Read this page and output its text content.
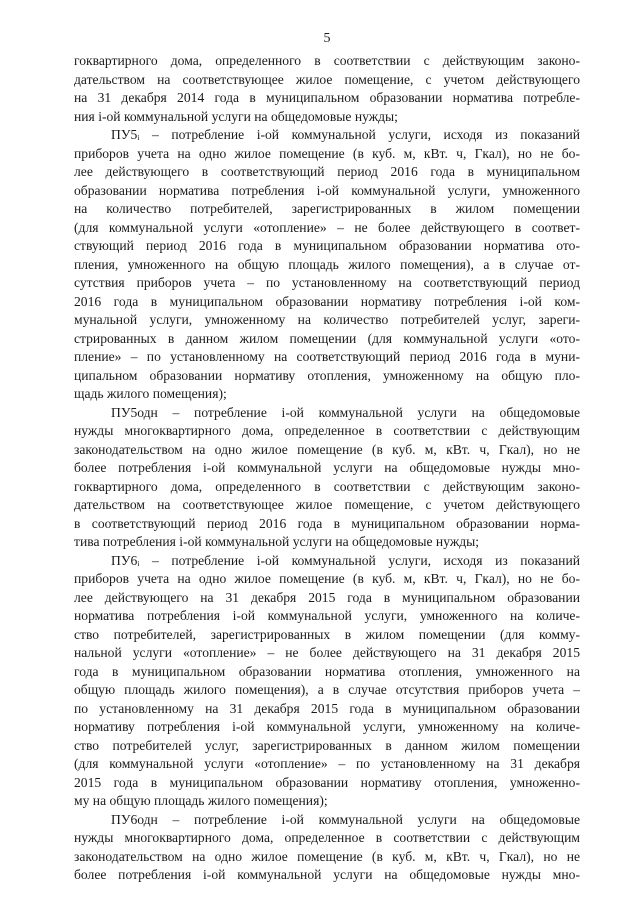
5
гоквартирного дома, определенного в соответствии с действующим законо-
дательством на соответствующее жилое помещение, с учетом действующего
на 31 декабря 2014 года в муниципальном образовании норматива потребле-
ния i-ой коммунальной услуги на общедомовые нужды;
ПУ5ᵢ – потребление i-ой коммунальной услуги, исходя из показаний
приборов учета на одно жилое помещение (в куб. м, кВт. ч, Гкал), но не бо-
лее действующего в соответствующий период 2016 года в муниципальном
образовании норматива потребления i-ой коммунальной услуги, умноженного
на количество потребителей, зарегистрированных в жилом помещении
(для коммунальной услуги «отопление» – не более действующего в соответ-
ствующий период 2016 года в муниципальном образовании норматива ото-
пления, умноженного на общую площадь жилого помещения), а в случае от-
сутствия приборов учета – по установленному на соответствующий период
2016 года в муниципальном образовании нормативу потребления i-ой ком-
мунальной услуги, умноженному на количество потребителей услуг, зареги-
стрированных в данном жилом помещении (для коммунальной услуги «ото-
пление» – по установленному на соответствующий период 2016 года в муни-
ципальном образовании нормативу отопления, умноженному на общую пло-
щадь жилого помещения);
ПУ5одн – потребление i-ой коммунальной услуги на общедомовые
нужды многоквартирного дома, определенное в соответствии с действующим
законодательством на одно жилое помещение (в куб. м, кВт. ч, Гкал), но не
более потребления i-ой коммунальной услуги на общедомовые нужды мно-
гоквартирного дома, определенного в соответствии с действующим законо-
дательством на соответствующее жилое помещение, с учетом действующего
в соответствующий период 2016 года в муниципальном образовании норма-
тива потребления i-ой коммунальной услуги на общедомовые нужды;
ПУ6ᵢ – потребление i-ой коммунальной услуги, исходя из показаний
приборов учета на одно жилое помещение (в куб. м, кВт. ч, Гкал), но не бо-
лее действующего на 31 декабря 2015 года в муниципальном образовании
норматива потребления i-ой коммунальной услуги, умноженного на количе-
ство потребителей, зарегистрированных в жилом помещении (для комму-
нальной услуги «отопление» – не более действующего на 31 декабря 2015
года в муниципальном образовании норматива отопления, умноженного на
общую площадь жилого помещения), а в случае отсутствия приборов учета –
по установленному на 31 декабря 2015 года в муниципальном образовании
нормативу потребления i-ой коммунальной услуги, умноженному на количе-
ство потребителей услуг, зарегистрированных в данном жилом помещении
(для коммунальной услуги «отопление» – по установленному на 31 декабря
2015 года в муниципальном образовании нормативу отопления, умноженно-
му на общую площадь жилого помещения);
ПУ6одн – потребление i-ой коммунальной услуги на общедомовые
нужды многоквартирного дома, определенное в соответствии с действующим
законодательством на одно жилое помещение (в куб. м, кВт. ч, Гкал), но не
более потребления i-ой коммунальной услуги на общедомовые нужды мно-
